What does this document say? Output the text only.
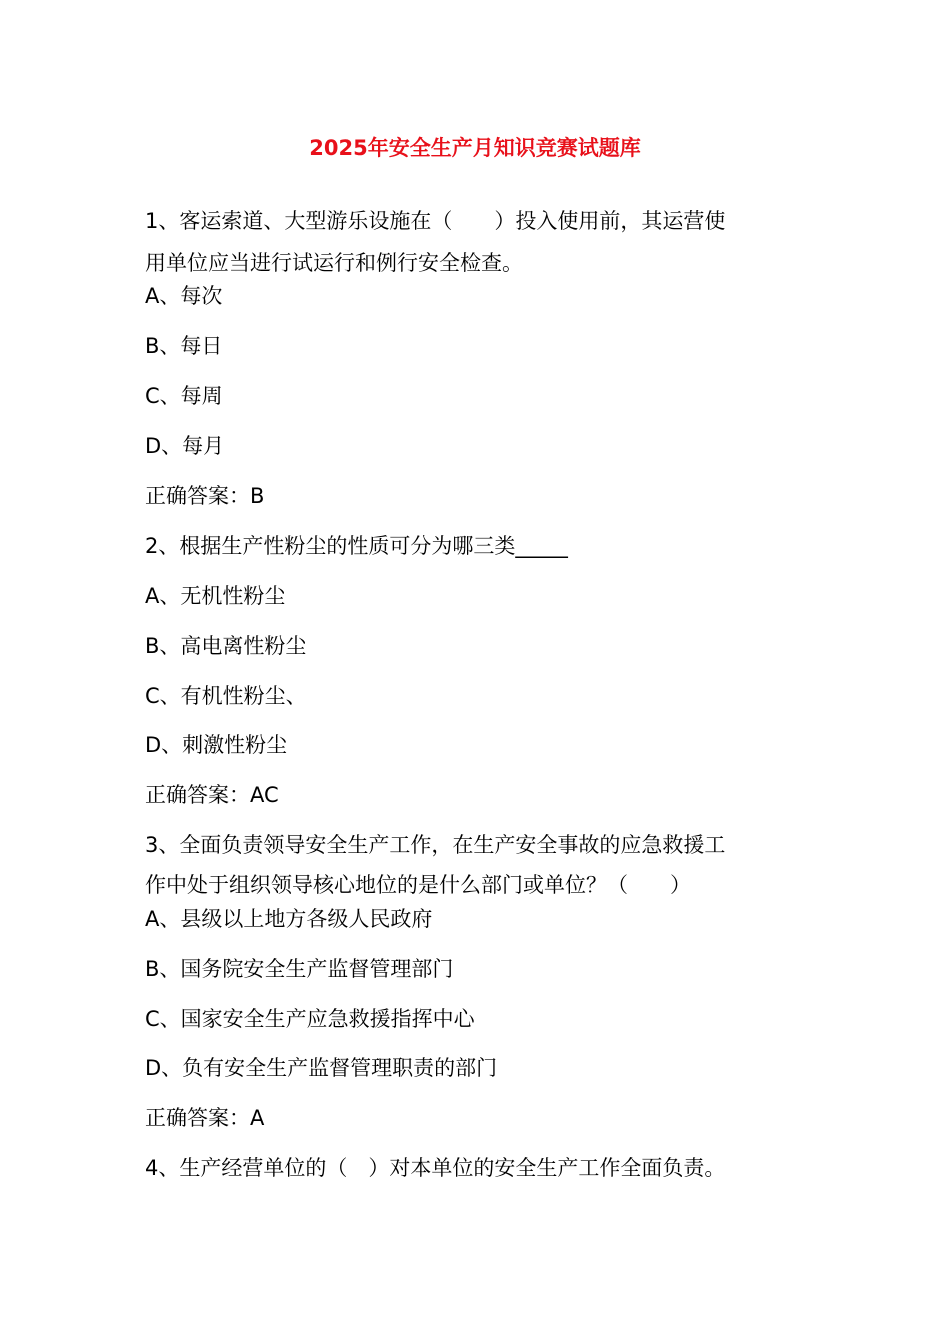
2025年安全生产月知识竞赛试题库
1、客运索道、大型游乐设施在（　　）投入使用前，其运营使
用单位应当进行试运行和例行安全检查。
A、每次
B、每日
C、每周
D、每月
正确答案：B
2、根据生产性粉尘的性质可分为哪三类_____
A、无机性粉尘
B、高电离性粉尘
C、有机性粉尘、
D、刺激性粉尘
正确答案：AC
3、全面负责领导安全生产工作，在生产安全事故的应急救援工
作中处于组织领导核心地位的是什么部门或单位？（　　）
A、县级以上地方各级人民政府
B、国务院安全生产监督管理部门
C、国家安全生产应急救援指挥中心
D、负有安全生产监督管理职责的部门
正确答案：A
4、生产经营单位的（　）对本单位的安全生产工作全面负责。
